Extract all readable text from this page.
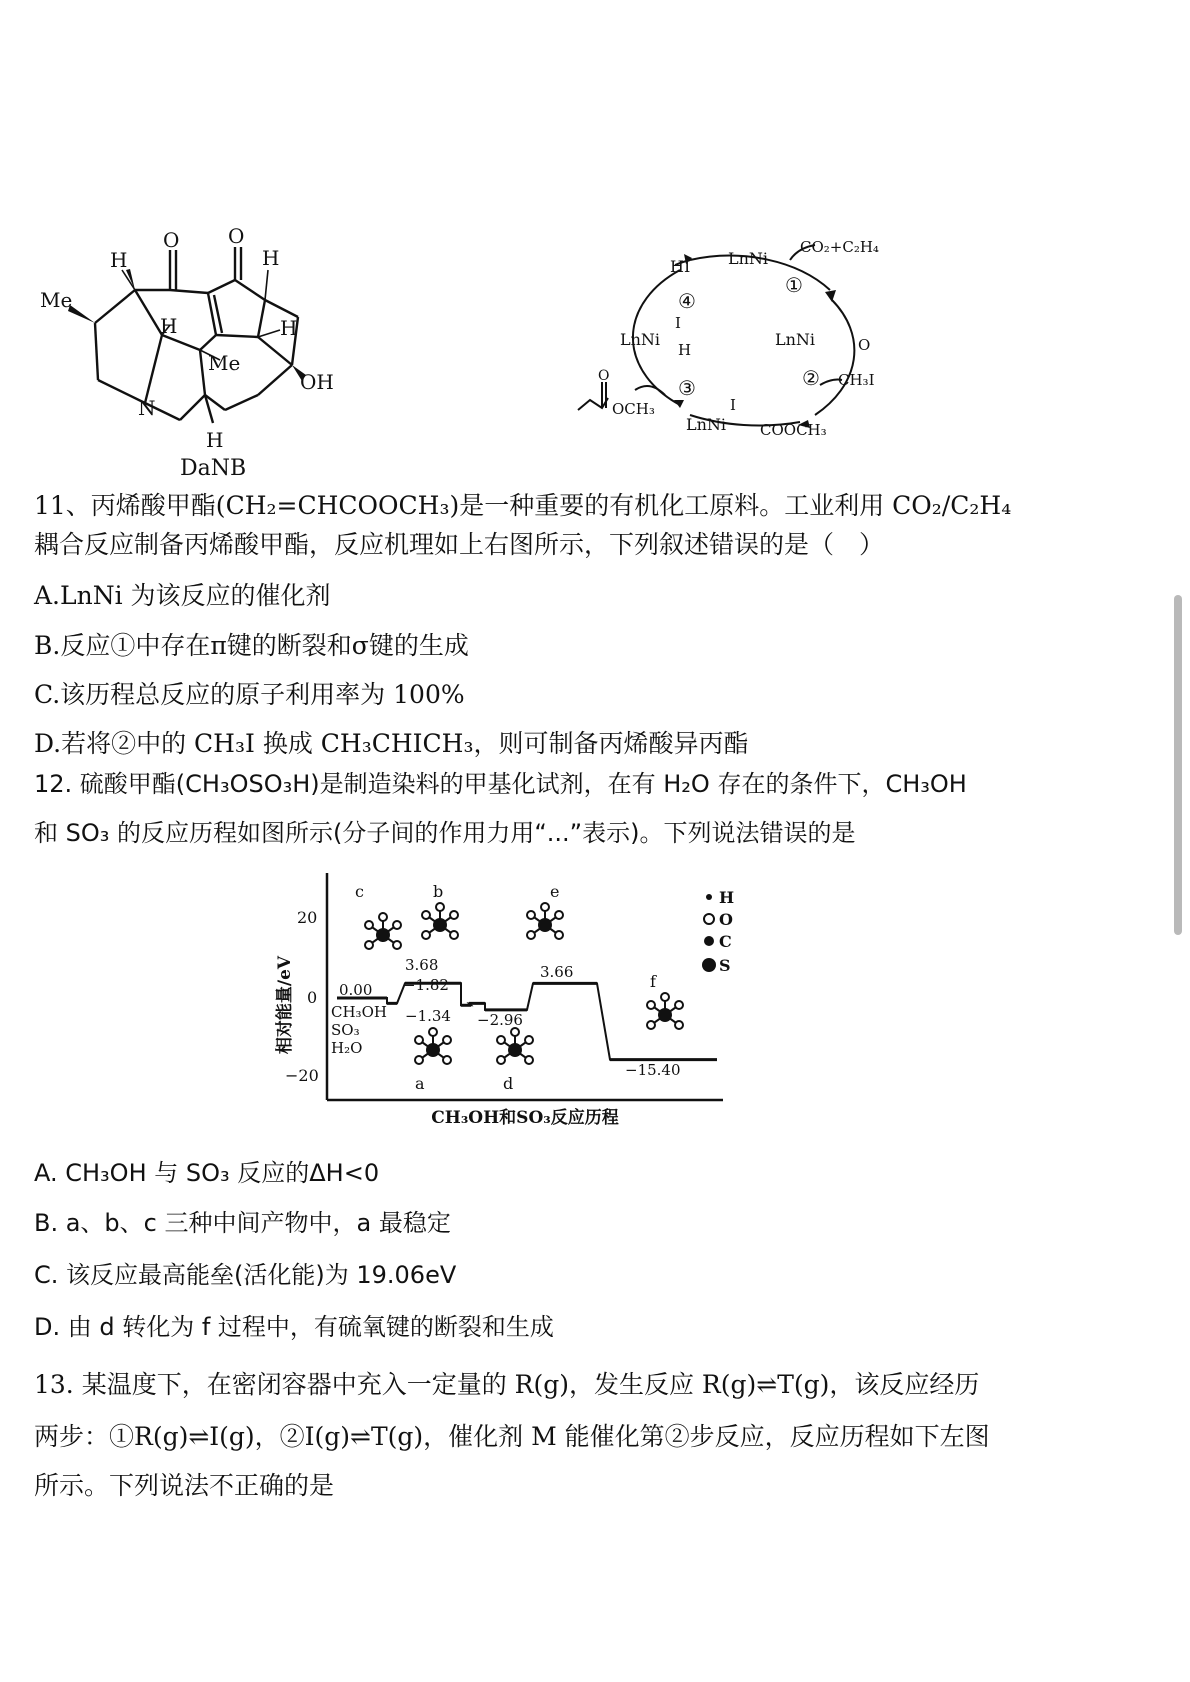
Me
H
O O
H
H
Me
H
OH
N
H
DaNB
LnNi
CO₂+C₂H₄
LnNi
CH₃I
LnNi
I
COOCH₃
LnNi
I
H
HI
OCH₃
O
O
①
②
③
④
11、丙烯酸甲酯(CH₂=CHCOOCH₃)是一种重要的有机化工原料。工业利用 CO₂/C₂H₄
耦合反应制备丙烯酸甲酯，反应机理如上右图所示，下列叙述错误的是（　）
A.LnNi 为该反应的催化剂
B.反应①中存在π键的断裂和σ键的生成
C.该历程总反应的原子利用率为 100%
D.若将②中的 CH₃I 换成 CH₃CHICH₃，则可制备丙烯酸异丙酯
12. 硫酸甲酯(CH₃OSO₃H)是制造染料的甲基化试剂，在有 H₂O 存在的条件下，CH₃OH
和 SO₃ 的反应历程如图所示(分子间的作用力用“...”表示)。下列说法错误的是
相对能量/eV
CH₃OH和SO₃反应历程
20
0
−20
0.00
3.68
−1.82
−1.34 −2.96
3.66
−15.40
CH₃OH
SO₃
H₂O
a
b
c
d
e
f
H
O
C
S
A. CH₃OH 与 SO₃ 反应的ΔH<0
B. a、b、c 三种中间产物中，a 最稳定
C. 该反应最高能垒(活化能)为 19.06eV
D. 由 d 转化为 f 过程中，有硫氧键的断裂和生成
13. 某温度下，在密闭容器中充入一定量的 R(g)，发生反应 R(g)⇌T(g)，该反应经历
两步：①R(g)⇌I(g)，②I(g)⇌T(g)，催化剂 M 能催化第②步反应，反应历程如下左图
所示。下列说法不正确的是
